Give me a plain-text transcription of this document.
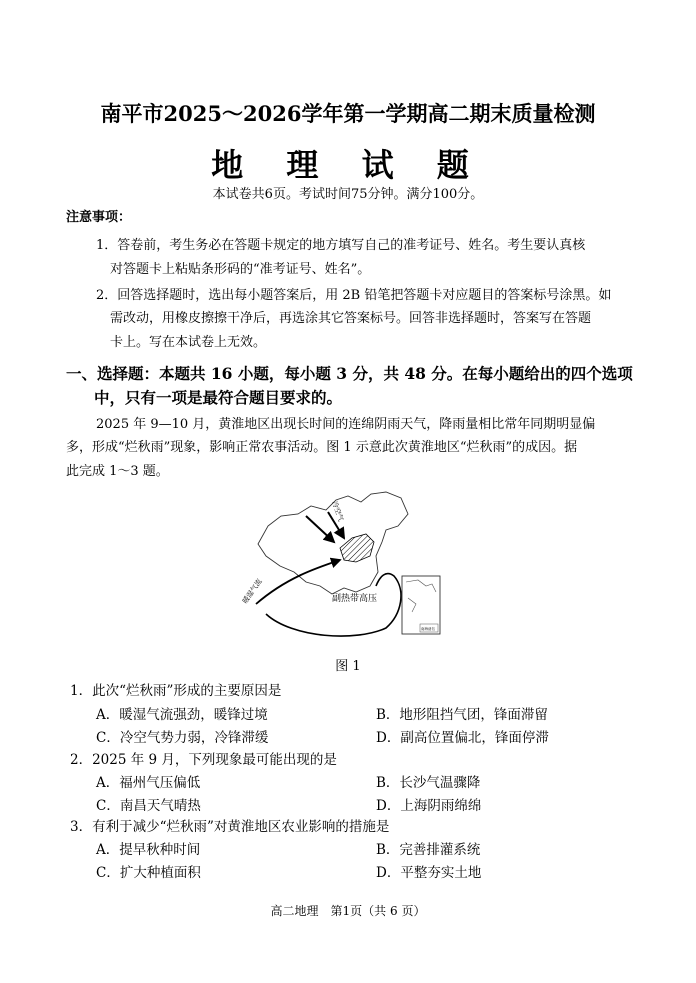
南平市2025～2026学年第一学期高二期末质量检测
地 理 试 题
本试卷共6页。考试时间75分钟。满分100分。
注意事项：
1．答卷前，考生务必在答题卡规定的地方填写自己的准考证号、姓名。考生要认真核
对答题卡上粘贴条形码的“准考证号、姓名”。
2．回答选择题时，选出每小题答案后，用 2B 铅笔把答题卡对应题目的答案标号涂黑。如
需改动，用橡皮擦擦干净后，再选涂其它答案标号。回答非选择题时，答案写在答题
卡上。写在本试卷上无效。
一、选择题：本题共 16 小题，每小题 3 分，共 48 分。在每小题给出的四个选项
中，只有一项是最符合题目要求的。
2025 年 9—10 月，黄淮地区出现长时间的连绵阴雨天气，降雨量相比常年同期明显偏
多，形成“烂秋雨”现象，影响正常农事活动。图 1 示意此次黄淮地区“烂秋雨”的成因。据
此完成 1～3 题。
冷空气
暖湿气流	副热带高压
南海诸岛
图 1
1．此次“烂秋雨”形成的主要原因是
A．暖湿气流强劲，暖锋过境	B．地形阻挡气团，锋面滞留
C．冷空气势力弱，冷锋滞缓	D．副高位置偏北，锋面停滞
2．2025 年 9 月，下列现象最可能出现的是
A．福州气压偏低	B．长沙气温骤降
C．南昌天气晴热	D．上海阴雨绵绵
3．有利于减少“烂秋雨”对黄淮地区农业影响的措施是
A．提早秋种时间	B．完善排灌系统
C．扩大种植面积	D．平整夯实土地
高二地理　第1页（共 6 页）
